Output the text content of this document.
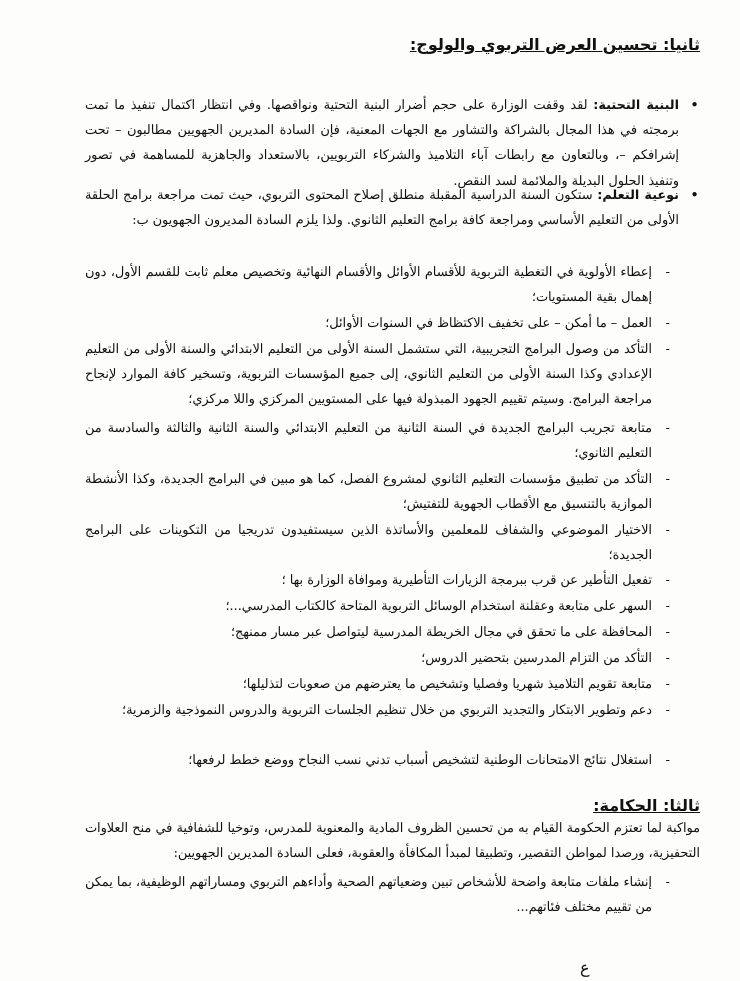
ثانيا: تحسين العرض التربوي والولوج:
•
البنية التحتية: لقد وقفت الوزارة على حجم أضرار البنية التحتية ونواقصها. وفي انتظار اكتمال تنفيذ ما تمت برمجته في هذا المجال بالشراكة والتشاور مع الجهات المعنية، فإن السادة المديرين الجهويين مطالبون – تحت إشرافكم –، وبالتعاون مع رابطات آباء التلاميذ والشركاء التربويين، بالاستعداد والجاهزية للمساهمة في تصور وتنفيذ الحلول البديلة والملائمة لسد النقص.
•
نوعية التعلم: ستكون السنة الدراسية المقبلة منطلق إصلاح المحتوى التربوي، حيث تمت مراجعة برامج الحلقة الأولى من التعليم الأساسي ومراجعة كافة برامج التعليم الثانوي. ولذا يلزم السادة المديرون الجهويون ب:
-
إعطاء الأولوية في التغطية التربوية للأقسام الأوائل والأقسام النهائية وتخصيص معلم ثابت للقسم الأول، دون إهمال بقية المستويات؛
-
العمل – ما أمكن – على تخفيف الاكتظاظ في السنوات الأوائل؛
-
التأكد من وصول البرامج التجريبية، التي ستشمل السنة الأولى من التعليم الابتدائي والسنة الأولى من التعليم الإعدادي وكذا السنة الأولى من التعليم الثانوي، إلى جميع المؤسسات التربوية، وتسخير كافة الموارد لإنجاح مراجعة البرامج. وسيتم تقييم الجهود المبذولة فيها على المستويين المركزي واللا مركزي؛
-
متابعة تجريب البرامج الجديدة في السنة الثانية من التعليم الابتدائي والسنة الثانية والثالثة والسادسة من التعليم الثانوي؛
-
التأكد من تطبيق مؤسسات التعليم الثانوي لمشروع الفصل، كما هو مبين في البرامج الجديدة، وكذا الأنشطة الموازية بالتنسيق مع الأقطاب الجهوية للتفتيش؛
-
الاختيار الموضوعي والشفاف للمعلمين والأساتذة الذين سيستفيدون تدريجيا من التكوينات على البرامج الجديدة؛
-
تفعيل التأطير عن قرب ببرمجة الزيارات التأطيرية وموافاة الوزارة بها ؛
-
السهر على متابعة وعقلنة استخدام الوسائل التربوية المتاحة كالكتاب المدرسي...؛
-
المحافظة على ما تحقق في مجال الخريطة المدرسية ليتواصل عبر مسار ممنهج؛
-
التأكد من التزام المدرسين بتحضير الدروس؛
-
متابعة تقويم التلاميذ شهريا وفصليا وتشخيص ما يعترضهم من صعوبات لتذليلها؛
-
دعم وتطوير الابتكار والتجديد التربوي من خلال تنظيم الجلسات التربوية والدروس النموذجية والزمرية؛
-
استغلال نتائج الامتحانات الوطنية لتشخيص أسباب تدني نسب النجاح ووضع خطط لرفعها؛
ثالثا: الحكامة:
مواكبة لما تعتزم الحكومة القيام به من تحسين الظروف المادية والمعنوية للمدرس، وتوخيا للشفافية في منح العلاوات التحفيزية، ورصدا لمواطن التقصير، وتطبيقا لمبدأ المكافأة والعقوبة، فعلى السادة المديرين الجهويين:
-
إنشاء ملفات متابعة واضحة للأشخاص تبين وضعياتهم الصحية وأداءهم التربوي ومساراتهم الوظيفية، بما يمكن من تقييم مختلف فئاتهم...
ع
